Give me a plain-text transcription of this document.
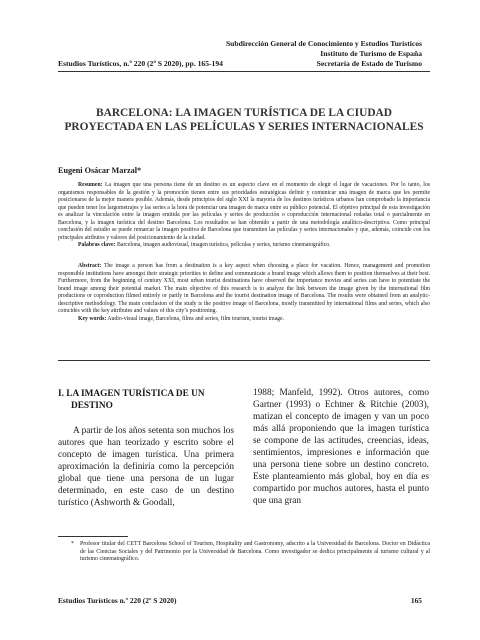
Subdirección General de Conocimiento y Estudios Turísticos
Instituto de Turismo de España
Secretaría de Estado de Turismo
Estudios Turísticos, n.º 220 (2º S 2020), pp. 165-194
BARCELONA: LA IMAGEN TURÍSTICA DE LA CIUDAD
PROYECTADA EN LAS PELÍCULAS Y SERIES INTERNACIONALES
Eugeni Osácar Marzal*

Resumen: La imagen que una persona tiene de un destino es un aspecto clave en el momento de elegir el lugar de vacaciones. Por lo tanto, los organismos responsables de la gestión y la promoción tienen entre sus prioridades estratégicas definir y comunicar una imagen de marca que les permite posicionarse de la mejor manera posible. Además, desde principios del siglo XXI la mayoría de los destinos turísticos urbanos han comprobado la importancia que pueden tener los largometrajes y las series a la hora de potenciar una imagen de marca entre su público potencial. El objetivo principal de esta investigación es analizar la vinculación entre la imagen emitida por las películas y series de producción o coproducción internacional rodadas total o parcialmente en Barcelona, y la imagen turística del destino Barcelona. Los resultados se han obtenido a partir de una metodología analítico-descriptiva. Como principal conclusión del estudio se puede remarcar la imagen positiva de Barcelona que transmiten las películas y series internacionales y que, además, coincide con los principales atributos y valores del posicionamiento de la ciudad.

Palabras clave: Barcelona, imagen audiovisual, imagen turística, películas y series, turismo cinematográfico.

Abstract: The image a person has from a destination is a key aspect when choosing a place for vacation. Hence, management and promotion responsible institutions have amongst their strategic priorities to define and communicate a brand image which allows them to position themselves at their best. Furthermore, from the beginning of century XXI, most urban tourist destinations have observed the importance movies and series can have to potentiate the brand image among their potential market. The main objective of this research is to analyze the link between the image given by the international film productions or coproduction filmed entirely or partly in Barcelona and the tourist destination image of Barcelona. The results were obtained from an analytic-descriptive methodology. The main conclusion of the study is the positive image of Barcelona, mostly transmitted by international films and series, which also coincides with the key attributes and values of this city’s positioning.

Key words: Audio-visual image, Barcelona, films and series, film tourism, tourist image.

I. LA IMAGEN TURÍSTICA DE UN
DESTINO

A partir de los años setenta son muchos los autores que han teorizado y escrito sobre el concepto de imagen turística. Una primera aproximación la definiría como la percepción global que tiene una persona de un lugar determinado, en este caso de un destino turístico (Ashworth & Goodall,

1988; Manfeld, 1992). Otros autores, como Gartner (1993) o Echtner & Ritchie (2003), matizan el concepto de imagen y van un poco más allá proponiendo que la imagen turística se compone de las actitudes, creencias, ideas, sentimientos, impresiones e información que una persona tiene sobre un destino concreto. Este planteamiento más global, hoy en día es compartido por muchos autores, hasta el punto que una gran

* Profesor titular del CETT Barcelona School of Tourism, Hospitality and Gastronomy, adscrito a la Universidad de Barcelona. Doctor en Didáctica de las Ciencias Sociales y del Patrimonio por la Universidad de Barcelona. Como investigador se dedica principalmente al turismo cultural y al turismo cinematográfico.
Estudios Turísticos n.º 220 (2º S 2020)	165
